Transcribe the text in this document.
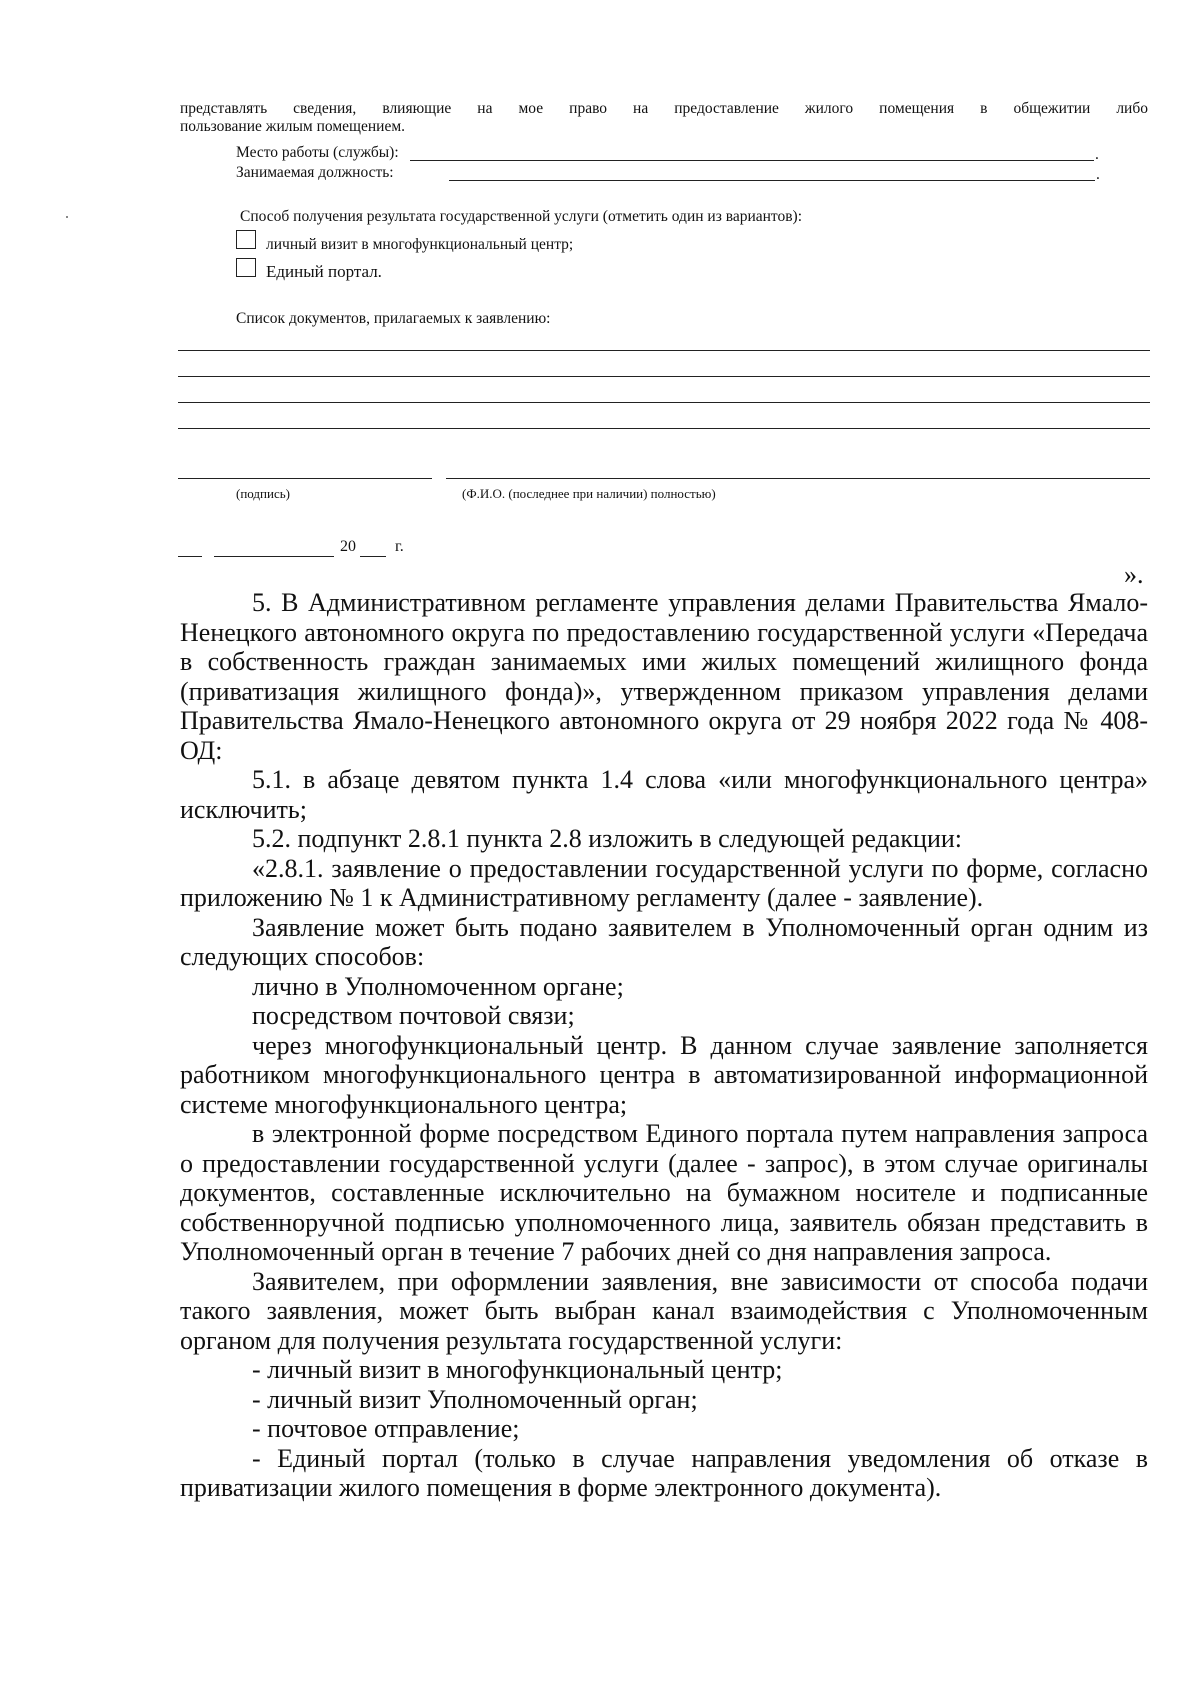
представлять сведения, влияющие на мое право на предоставление жилого помещения в общежитии либо
пользование жилым помещением.
Место работы (службы):	.
Занимаемая должность:	.
Способ получения результата государственной услуги (отметить один из вариантов):
личный визит в многофункциональный центр;
Единый портал.
Список документов, прилагаемых к заявлению:
(подпись)	(Ф.И.О. (последнее при наличии) полностью)
20 г.
».

5. В Административном регламенте управления делами Правительства Ямало-Ненецкого автономного округа по предоставлению государственной услуги «Передача в собственность граждан занимаемых ими жилых помещений жилищного фонда (приватизация жилищного фонда)», утвержденном приказом управления делами Правительства Ямало-Ненецкого автономного округа от 29 ноября 2022 года № 408-ОД:

5.1. в абзаце девятом пункта 1.4 слова «или многофункционального центра» исключить;

5.2. подпункт 2.8.1 пункта 2.8 изложить в следующей редакции:

«2.8.1. заявление о предоставлении государственной услуги по форме, согласно приложению № 1 к Административному регламенту (далее - заявление).

Заявление может быть подано заявителем в Уполномоченный орган одним из следующих способов:

лично в Уполномоченном органе;

посредством почтовой связи;

через многофункциональный центр. В данном случае заявление заполняется работником многофункционального центра в автоматизированной информационной системе многофункционального центра;

в электронной форме посредством Единого портала путем направления запроса о предоставлении государственной услуги (далее - запрос), в этом случае оригиналы документов, составленные исключительно на бумажном носителе и подписанные собственноручной подписью уполномоченного лица, заявитель обязан представить в Уполномоченный орган в течение 7 рабочих дней со дня направления запроса.

Заявителем, при оформлении заявления, вне зависимости от способа подачи такого заявления, может быть выбран канал взаимодействия с Уполномоченным органом для получения результата государственной услуги:

- личный визит в многофункциональный центр;

- личный визит Уполномоченный орган;

- почтовое отправление;

- Единый портал (только в случае направления уведомления об отказе в приватизации жилого помещения в форме электронного документа).
